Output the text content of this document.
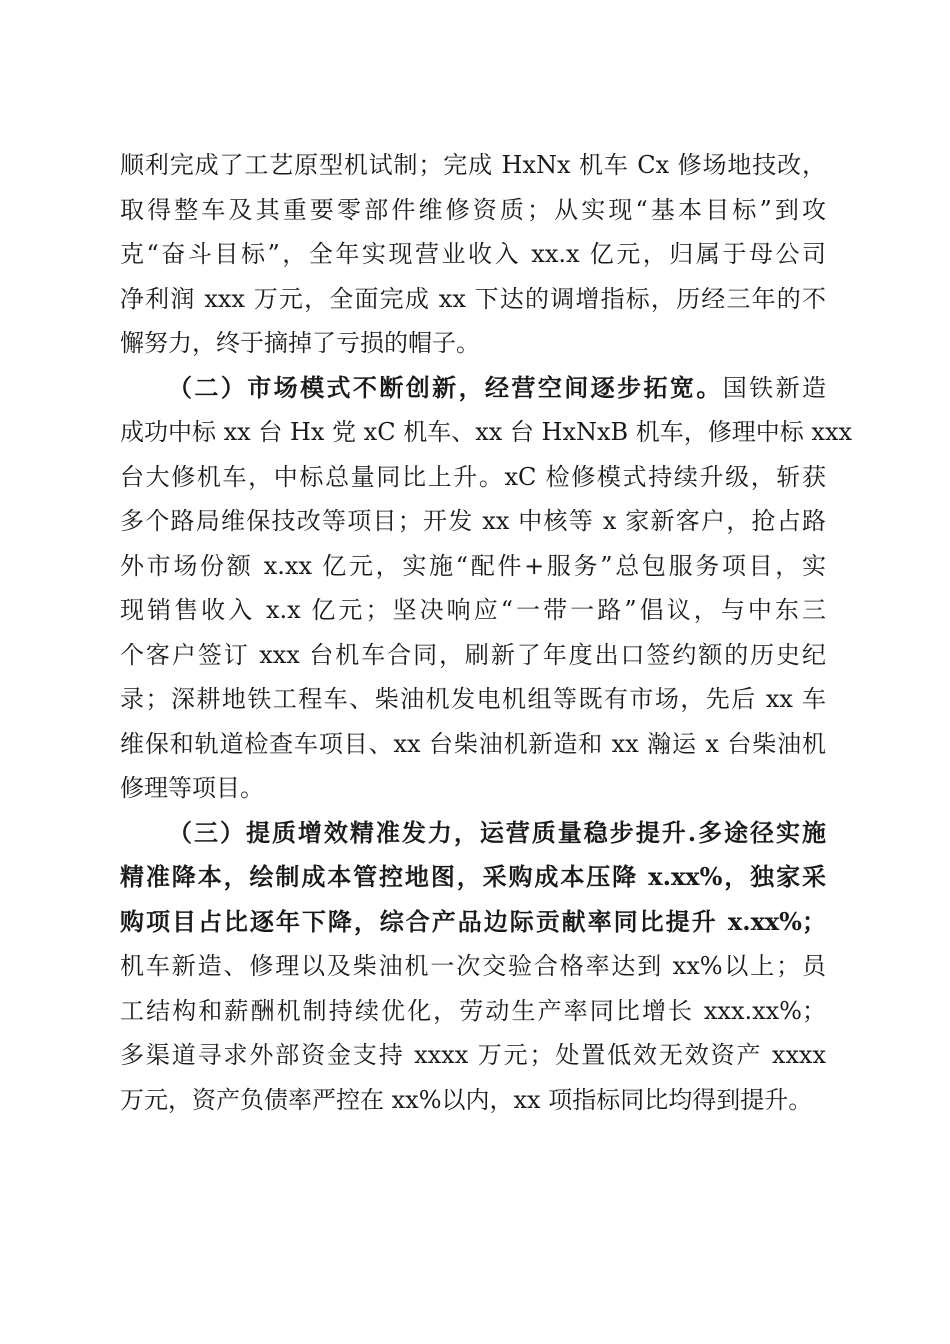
顺利完成了工艺原型机试制；完成 HxNx 机车 Cx 修场地技改，
取得整车及其重要零部件维修资质；从实现“基本目标”到攻
克“奋斗目标”，全年实现营业收入 xx.x 亿元，归属于母公司
净利润 xxx 万元，全面完成 xx 下达的调增指标，历经三年的不
懈努力，终于摘掉了亏损的帽子。
（二）市场模式不断创新，经营空间逐步拓宽。国铁新造
成功中标 xx 台 Hx 党 xC 机车、xx 台 HxNxB 机车，修理中标 xxx
台大修机车，中标总量同比上升。xC 检修模式持续升级，斩获
多个路局维保技改等项目；开发 xx 中核等 x 家新客户，抢占路
外市场份额 x.xx 亿元，实施“配件+服务”总包服务项目，实
现销售收入 x.x 亿元；坚决响应“一带一路”倡议，与中东三
个客户签订 xxx 台机车合同，刷新了年度出口签约额的历史纪
录；深耕地铁工程车、柴油机发电机组等既有市场，先后 xx 车
维保和轨道检查车项目、xx 台柴油机新造和 xx 瀚运 x 台柴油机
修理等项目。
（三）提质增效精准发力，运营质量稳步提升.多途径实施
精准降本，绘制成本管控地图，采购成本压降 x.xx%，独家采
购项目占比逐年下降，综合产品边际贡献率同比提升 x.xx%；
机车新造、修理以及柴油机一次交验合格率达到 xx%以上；员
工结构和薪酬机制持续优化，劳动生产率同比增长 xxx.xx%；
多渠道寻求外部资金支持 xxxx 万元；处置低效无效资产 xxxx
万元，资产负债率严控在 xx%以内，xx 项指标同比均得到提升。
